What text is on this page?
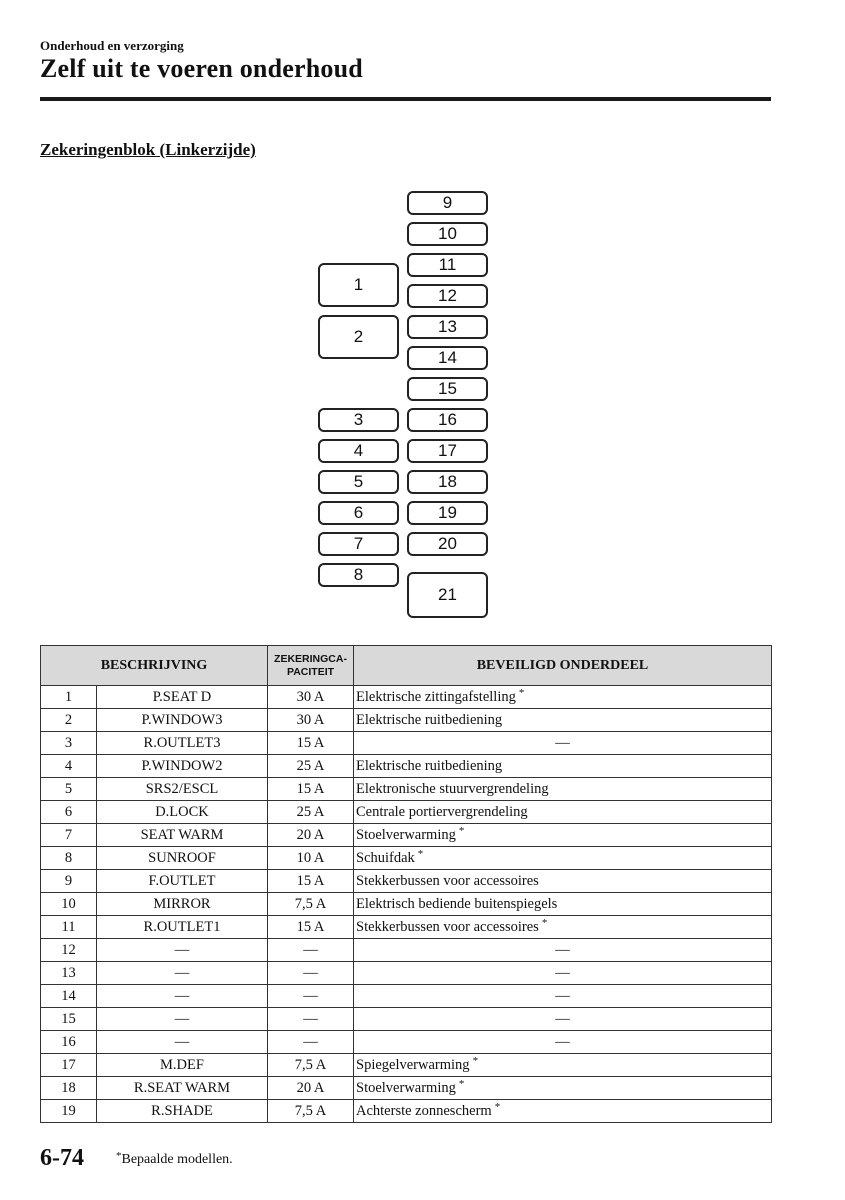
Onderhoud en verzorging
Zelf uit te voeren onderhoud
Zekeringenblok (Linkerzijde)
1
2
3
4
5
6
7
8
9
10
11
12
13
14
15
16
17
18
19
20
21
BESCHRIJVING		ZEKERINGCA-
PACITEIT	BEVEILIGD ONDERDEEL
1	P.SEAT D	30 A	Elektrische zittingafstelling *
2	P.WINDOW3	30 A	Elektrische ruitbediening
3	R.OUTLET3	15 A	—
4	P.WINDOW2	25 A	Elektrische ruitbediening
5	SRS2/ESCL	15 A	Elektronische stuurvergrendeling
6	D.LOCK	25 A	Centrale portiervergrendeling
7	SEAT WARM	20 A	Stoelverwarming *
8	SUNROOF	10 A	Schuifdak *
9	F.OUTLET	15 A	Stekkerbussen voor accessoires
10	MIRROR	7,5 A	Elektrisch bediende buitenspiegels
11	R.OUTLET1	15 A	Stekkerbussen voor accessoires *
12	—	—	—
13	—	—	—
14	—	—	—
15	—	—	—
16	—	—	—
17	M.DEF	7,5 A	Spiegelverwarming *
18	R.SEAT WARM	20 A	Stoelverwarming *
19	R.SHADE	7,5 A	Achterste zonnescherm *
6-74	*Bepaalde modellen.
